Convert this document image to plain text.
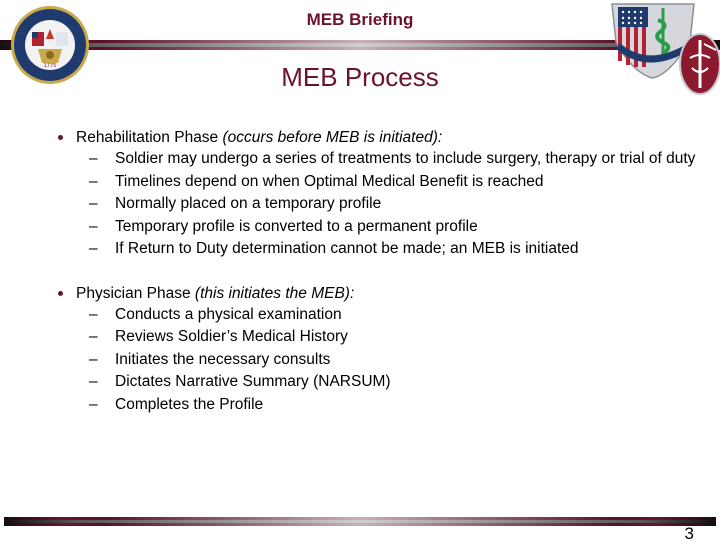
1775
MEB Briefing
MEB Process
Rehabilitation Phase (occurs before MEB is initiated):
– Soldier may undergo a series of treatments to include surgery, therapy or trial of duty
– Timelines depend on when Optimal Medical Benefit is reached
– Normally placed on a temporary profile
– Temporary profile is converted to a permanent profile
– If Return to Duty determination cannot be made; an MEB is initiated
Physician Phase (this initiates the MEB):
– Conducts a physical examination
– Reviews Soldier’s Medical History
– Initiates the necessary consults
– Dictates Narrative Summary (NARSUM)
– Completes the Profile
3
